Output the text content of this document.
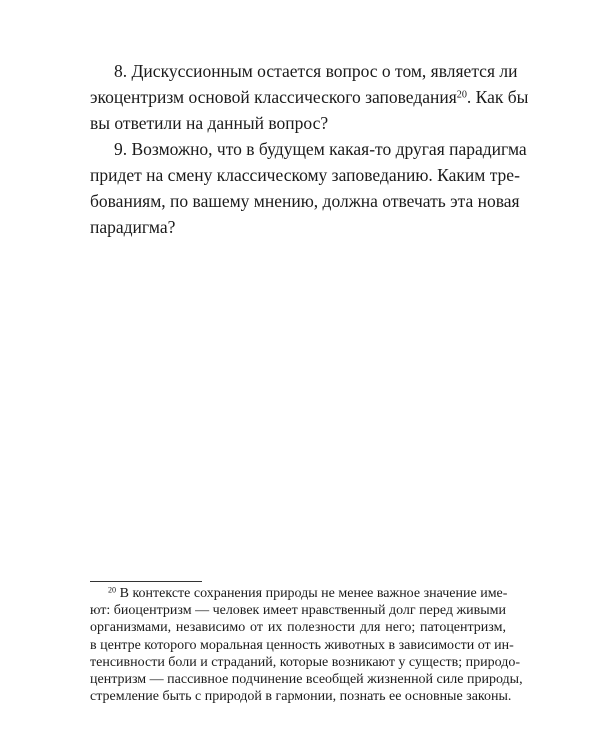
8. Дискуссионным остается вопрос о том, является ли
экоцентризм основой классического заповедания$^{20}$. Как бы
вы ответили на данный вопрос?
9. Возможно, что в будущем какая-то другая парадигма
придет на смену классическому заповеданию. Каким тре-
бованиям, по вашему мнению, должна отвечать эта новая
парадигма?
$^{20}$ В контексте сохранения природы не менее важное значение име-
ют: биоцентризм — человек имеет нравственный долг перед живыми
организмами, независимо от их полезности для него; патоцентризм,
в центре которого моральная ценность животных в зависимости от ин-
тенсивности боли и страданий, которые возникают у существ; природо-
центризм — пассивное подчинение всеобщей жизненной силе природы,
стремление быть с природой в гармонии, познать ее основные законы.
